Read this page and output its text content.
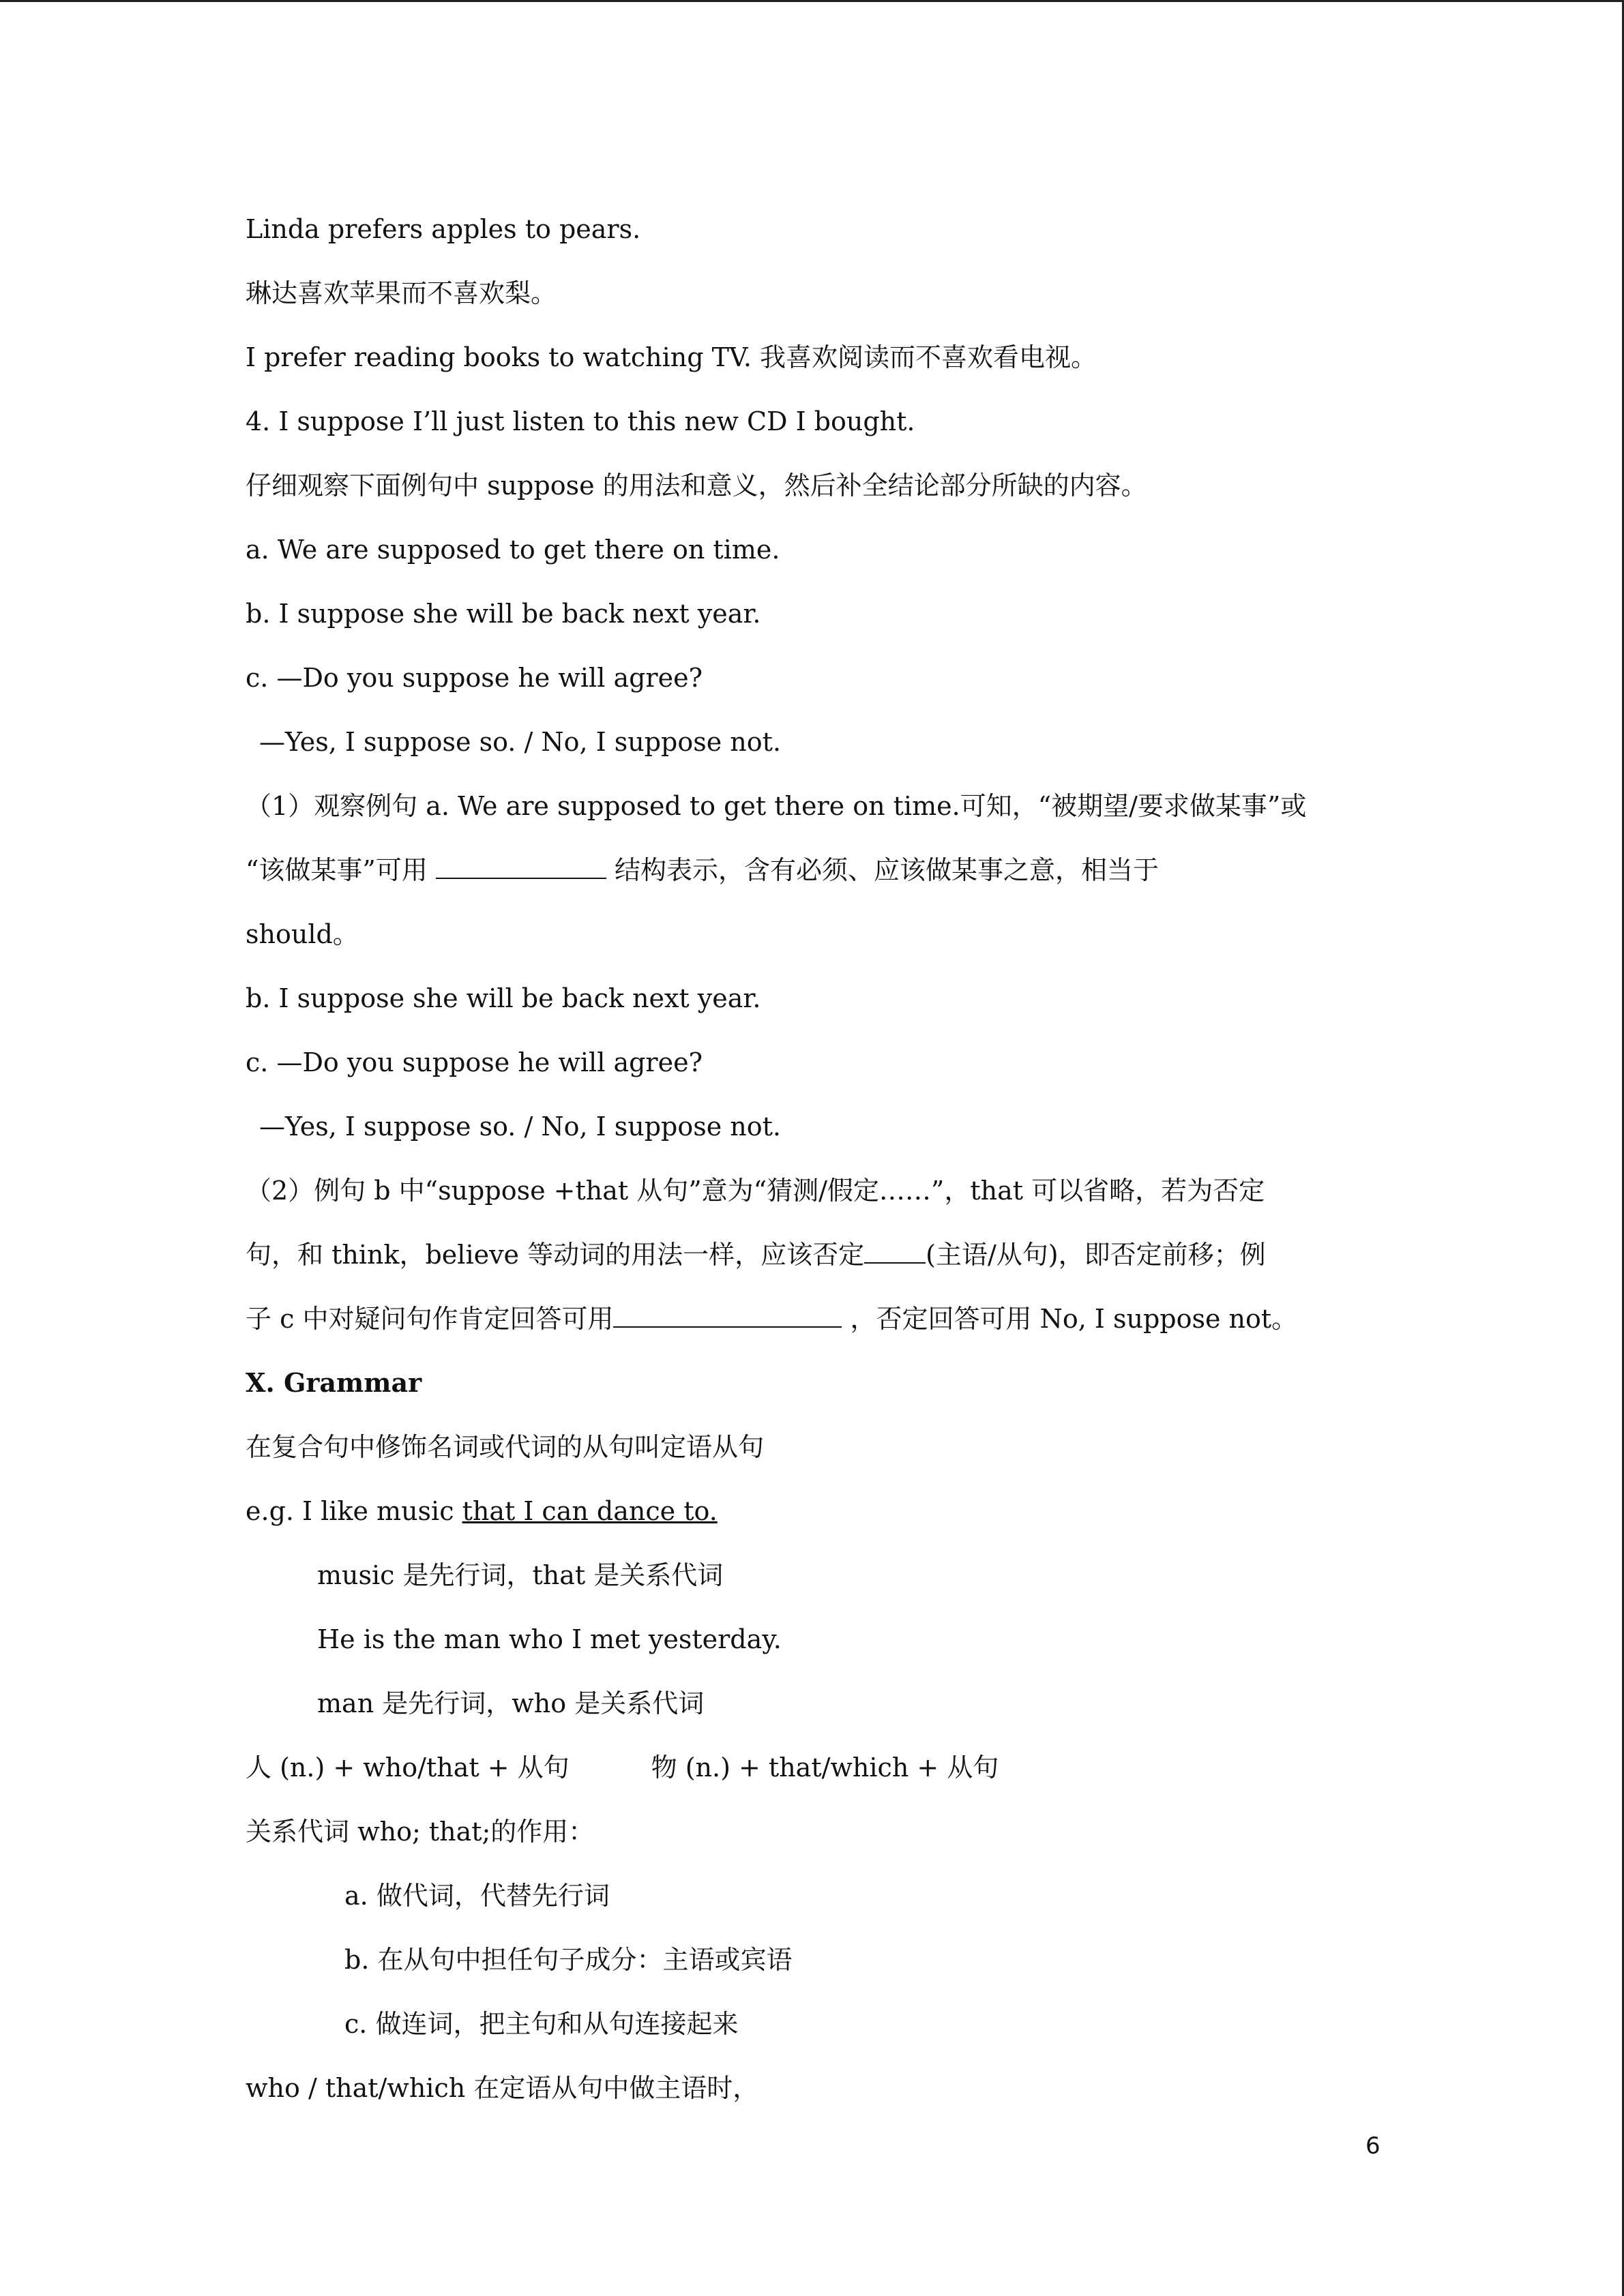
Linda prefers apples to pears.
琳达喜欢苹果而不喜欢梨。
I prefer reading books to watching TV. 我喜欢阅读而不喜欢看电视。
4. I suppose I’ll just listen to this new CD I bought.
仔细观察下面例句中 suppose 的用法和意义，然后补全结论部分所缺的内容。
a. We are supposed to get there on time.
b. I suppose she will be back next year.
c. —Do you suppose he will agree?
—Yes, I suppose so. / No, I suppose not.
（1）观察例句 a. We are supposed to get there on time.可知，“被期望/要求做某事”或
“该做某事”可用	结构表示，含有必须、应该做某事之意，相当于
should。
b. I suppose she will be back next year.
c. —Do you suppose he will agree?
—Yes, I suppose so. / No, I suppose not.
（2）例句 b 中“suppose +that 从句”意为“猜测/假定……”，that 可以省略，若为否定
句，和 think，believe 等动词的用法一样，应该否定 (主语/从句)，即否定前移；例
子 c 中对疑问句作肯定回答可用	，否定回答可用 No, I suppose not。
X. Grammar
在复合句中修饰名词或代词的从句叫定语从句
e.g. I like music that I can dance to.
music 是先行词，that 是关系代词
He is the man who I met yesterday.
man 是先行词，who 是关系代词
人 (n.) + who/that + 从句	物 (n.) + that/which + 从句
关系代词 who; that;的作用：
a. 做代词，代替先行词
b. 在从句中担任句子成分：主语或宾语
c. 做连词，把主句和从句连接起来
who / that/which 在定语从句中做主语时，
6
